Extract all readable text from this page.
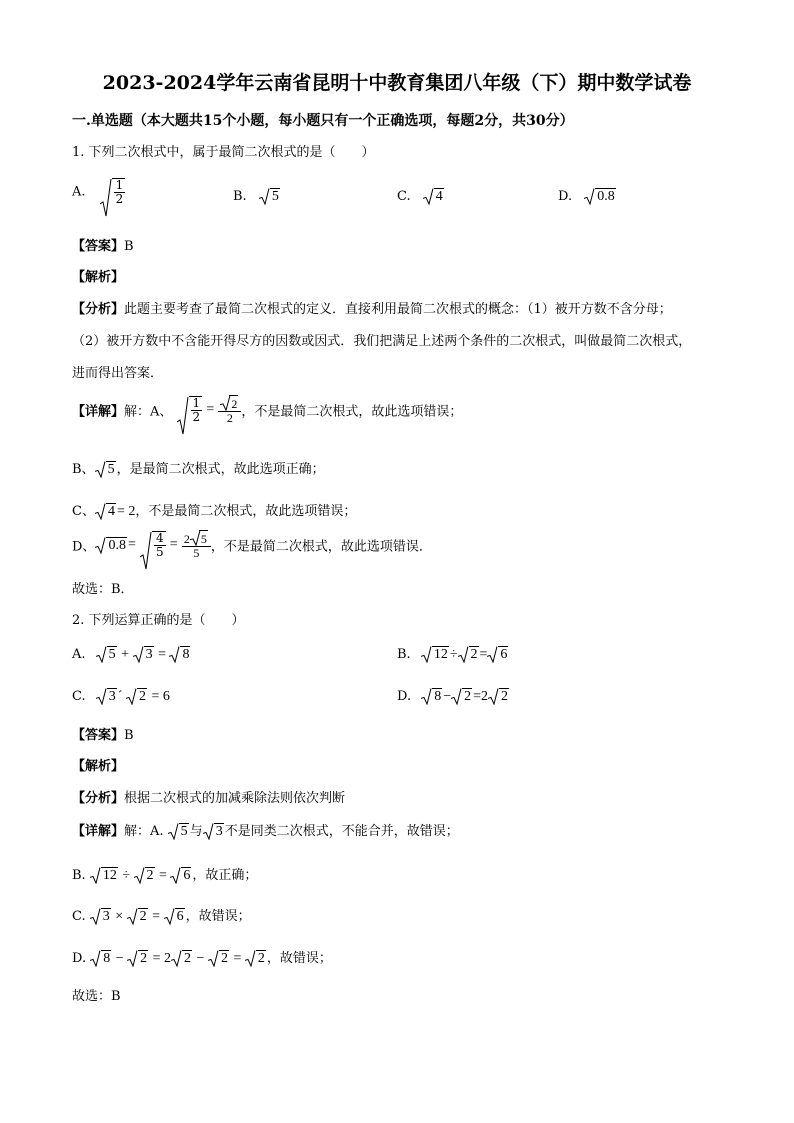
2023-2024学年云南省昆明十中教育集团八年级（下）期中数学试卷
一.单选题（本大题共15个小题，每小题只有一个正确选项，每题2分，共30分）
1. 下列二次根式中，属于最简二次根式的是（　　）
A. $\frac{1}{2}$	B. 5	C. 4	D. 0.8
【答案】B
【解析】
【分析】此题主要考查了最简二次根式的定义．直接利用最简二次根式的概念：（1）被开方数不含分母；
（2）被开方数中不含能开得尽方的因数或因式．我们把满足上述两个条件的二次根式，叫做最简二次根式，
进而得出答案．
【详解】解：A、 $\frac{1}{2} = \frac{2}{2}$ ，不是最简二次根式，故此选项错误；
B、 5 ，是最简二次根式，故此选项正确；
C、 4 = 2，不是最简二次根式，故此选项错误；
D、 $0.8 = \frac{4}{5} = \frac{2 5}{5}$ ，不是最简二次根式，故此选项错误．
故选：B．
2. 下列运算正确的是（　　）
A. 5 +
3 =
8	B. 12 ÷ 2 = 6
C. 3 ´
2 = 6	D. 8 − 2 =2 2
【答案】B
【解析】
【分析】根据二次根式的加减乘除法则依次判断
【详解】解：A.
5 与 3 不是同类二次根式，不能合并，故错误；
B.
12 ÷
2 =
6 ，故正确；
C.
3 ×
2 =
6 ，故错误；
D.
8 −
2 = 2 2 −
2 =
2 ，故错误；
故选：B
